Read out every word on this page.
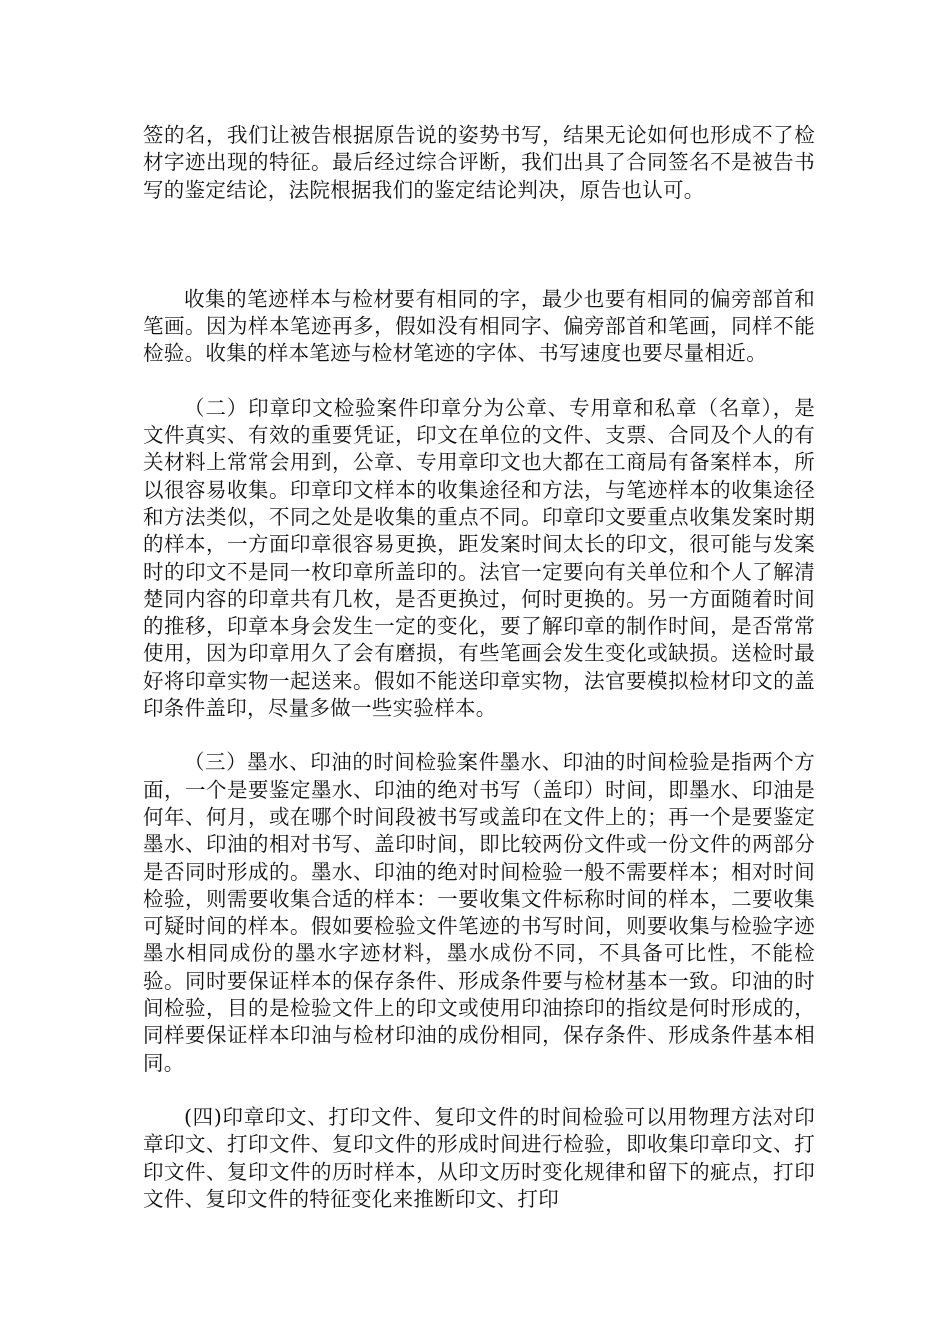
签的名，我们让被告根据原告说的姿势书写，结果无论如何也形成不了检材字迹出现的特征。最后经过综合评断，我们出具了合同签名不是被告书写的鉴定结论，法院根据我们的鉴定结论判决，原告也认可。

收集的笔迹样本与检材要有相同的字，最少也要有相同的偏旁部首和笔画。因为样本笔迹再多，假如没有相同字、偏旁部首和笔画，同样不能检验。收集的样本笔迹与检材笔迹的字体、书写速度也要尽量相近。

（二）印章印文检验案件印章分为公章、专用章和私章（名章），是文件真实、有效的重要凭证，印文在单位的文件、支票、合同及个人的有关材料上常常会用到，公章、专用章印文也大都在工商局有备案样本，所以很容易收集。印章印文样本的收集途径和方法，与笔迹样本的收集途径和方法类似，不同之处是收集的重点不同。印章印文要重点收集发案时期的样本，一方面印章很容易更换，距发案时间太长的印文，很可能与发案时的印文不是同一枚印章所盖印的。法官一定要向有关单位和个人了解清楚同内容的印章共有几枚，是否更换过，何时更换的。另一方面随着时间的推移，印章本身会发生一定的变化，要了解印章的制作时间，是否常常使用，因为印章用久了会有磨损，有些笔画会发生变化或缺损。送检时最好将印章实物一起送来。假如不能送印章实物，法官要模拟检材印文的盖印条件盖印，尽量多做一些实验样本。

（三）墨水、印油的时间检验案件墨水、印油的时间检验是指两个方面，一个是要鉴定墨水、印油的绝对书写（盖印）时间，即墨水、印油是何年、何月，或在哪个时间段被书写或盖印在文件上的；再一个是要鉴定墨水、印油的相对书写、盖印时间，即比较两份文件或一份文件的两部分是否同时形成的。墨水、印油的绝对时间检验一般不需要样本；相对时间检验，则需要收集合适的样本：一要收集文件标称时间的样本，二要收集可疑时间的样本。假如要检验文件笔迹的书写时间，则要收集与检验字迹墨水相同成份的墨水字迹材料，墨水成份不同，不具备可比性，不能检验。同时要保证样本的保存条件、形成条件要与检材基本一致。印油的时间检验，目的是检验文件上的印文或使用印油捺印的指纹是何时形成的，同样要保证样本印油与检材印油的成份相同，保存条件、形成条件基本相同。

(四)印章印文、打印文件、复印文件的时间检验可以用物理方法对印章印文、打印文件、复印文件的形成时间进行检验，即收集印章印文、打印文件、复印文件的历时样本，从印文历时变化规律和留下的疵点，打印文件、复印文件的特征变化来推断印文、打印
